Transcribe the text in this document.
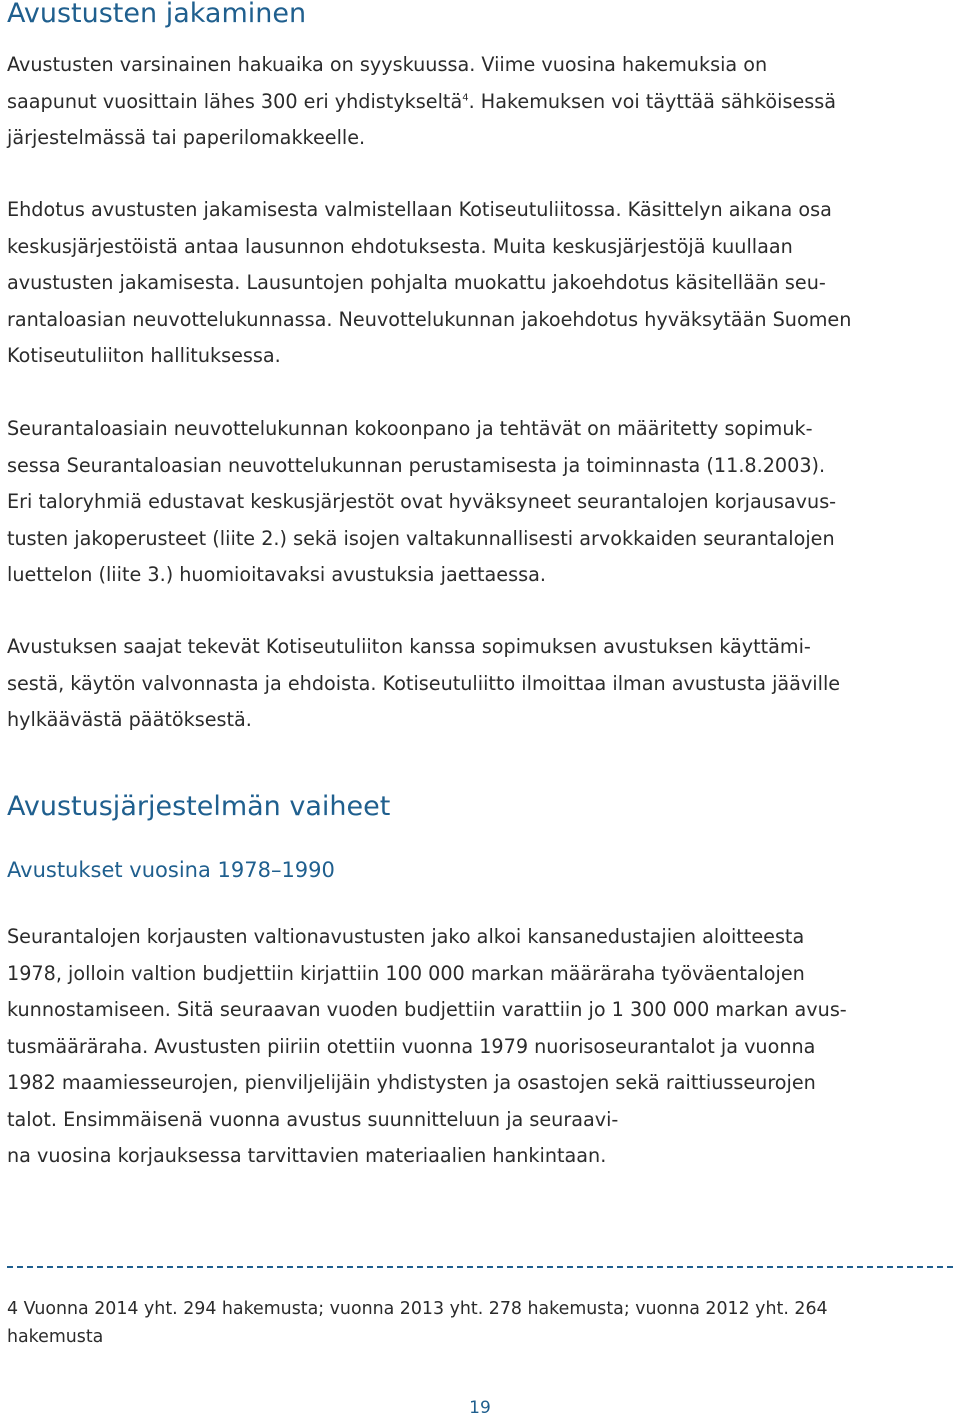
Avustusten jakaminen

Avustusten varsinainen hakuaika on syyskuussa. Viime vuosina hakemuksia on
saapunut vuosittain lähes 300 eri yhdistykseltä$^4$. Hakemuksen voi täyttää sähköisessä
järjestelmässä tai paperilomakkeelle.

Ehdotus avustusten jakamisesta valmistellaan Kotiseutuliitossa. Käsittelyn aikana osa
keskusjärjestöistä antaa lausunnon ehdotuksesta. Muita keskusjärjestöjä kuullaan
avustusten jakamisesta. Lausuntojen pohjalta muokattu jakoehdotus käsitellään seu-
rantaloasian neuvottelukunnassa. Neuvottelukunnan jakoehdotus hyväksytään Suomen
Kotiseutuliiton hallituksessa.

Seurantaloasiain neuvottelukunnan kokoonpano ja tehtävät on määritetty sopimuk-
sessa Seurantaloasian neuvottelukunnan perustamisesta ja toiminnasta (11.8.2003).
Eri taloryhmiä edustavat keskusjärjestöt ovat hyväksyneet seurantalojen korjausavus-
tusten jakoperusteet (liite 2.) sekä isojen valtakunnallisesti arvokkaiden seurantalojen
luettelon (liite 3.) huomioitavaksi avustuksia jaettaessa.

Avustuksen saajat tekevät Kotiseutuliiton kanssa sopimuksen avustuksen käyttämi-
sestä, käytön valvonnasta ja ehdoista. Kotiseutuliitto ilmoittaa ilman avustusta jääville
hylkäävästä päätöksestä.

Avustusjärjestelmän vaiheet
Avustukset vuosina 1978–1990

Seurantalojen korjausten valtionavustusten jako alkoi kansanedustajien aloitteesta
1978, jolloin valtion budjettiin kirjattiin 100 000 markan määräraha työväentalojen
kunnostamiseen. Sitä seuraavan vuoden budjettiin varattiin jo 1 300 000 markan avus-
tusmääräraha. Avustusten piiriin otettiin vuonna 1979 nuorisoseurantalot ja vuonna
1982 maamiesseurojen, pienviljelijäin yhdistysten ja osastojen sekä raittiusseurojen
talot. Ensimmäisenä vuonna avustus suunnitteluun ja seuraavi-
na vuosina korjauksessa tarvittavien materiaalien hankintaan.

4 Vuonna 2014 yht. 294 hakemusta; vuonna 2013 yht. 278 hakemusta; vuonna 2012 yht. 264
hakemusta
19
